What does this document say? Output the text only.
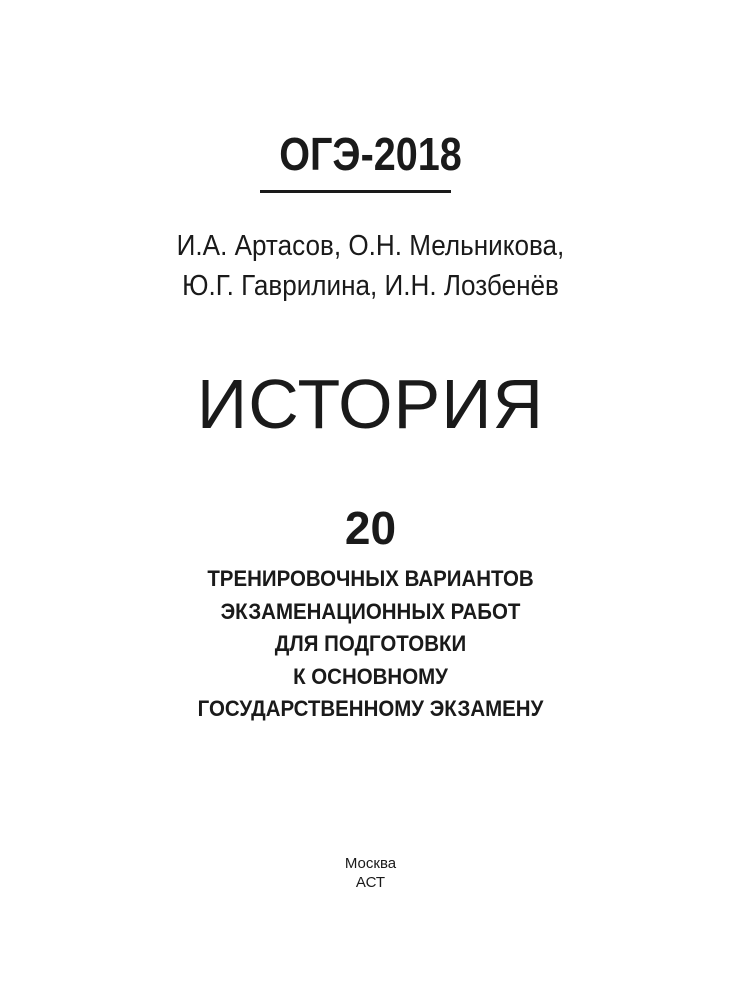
ОГЭ-2018
И.А. Артасов, О.Н. Мельникова,
Ю.Г. Гаврилина, И.Н. Лозбенёв
ИСТОРИЯ
20
ТРЕНИРОВОЧНЫХ ВАРИАНТОВ
ЭКЗАМЕНАЦИОННЫХ РАБОТ
ДЛЯ ПОДГОТОВКИ
К ОСНОВНОМУ
ГОСУДАРСТВЕННОМУ ЭКЗАМЕНУ
Москва
АСТ
